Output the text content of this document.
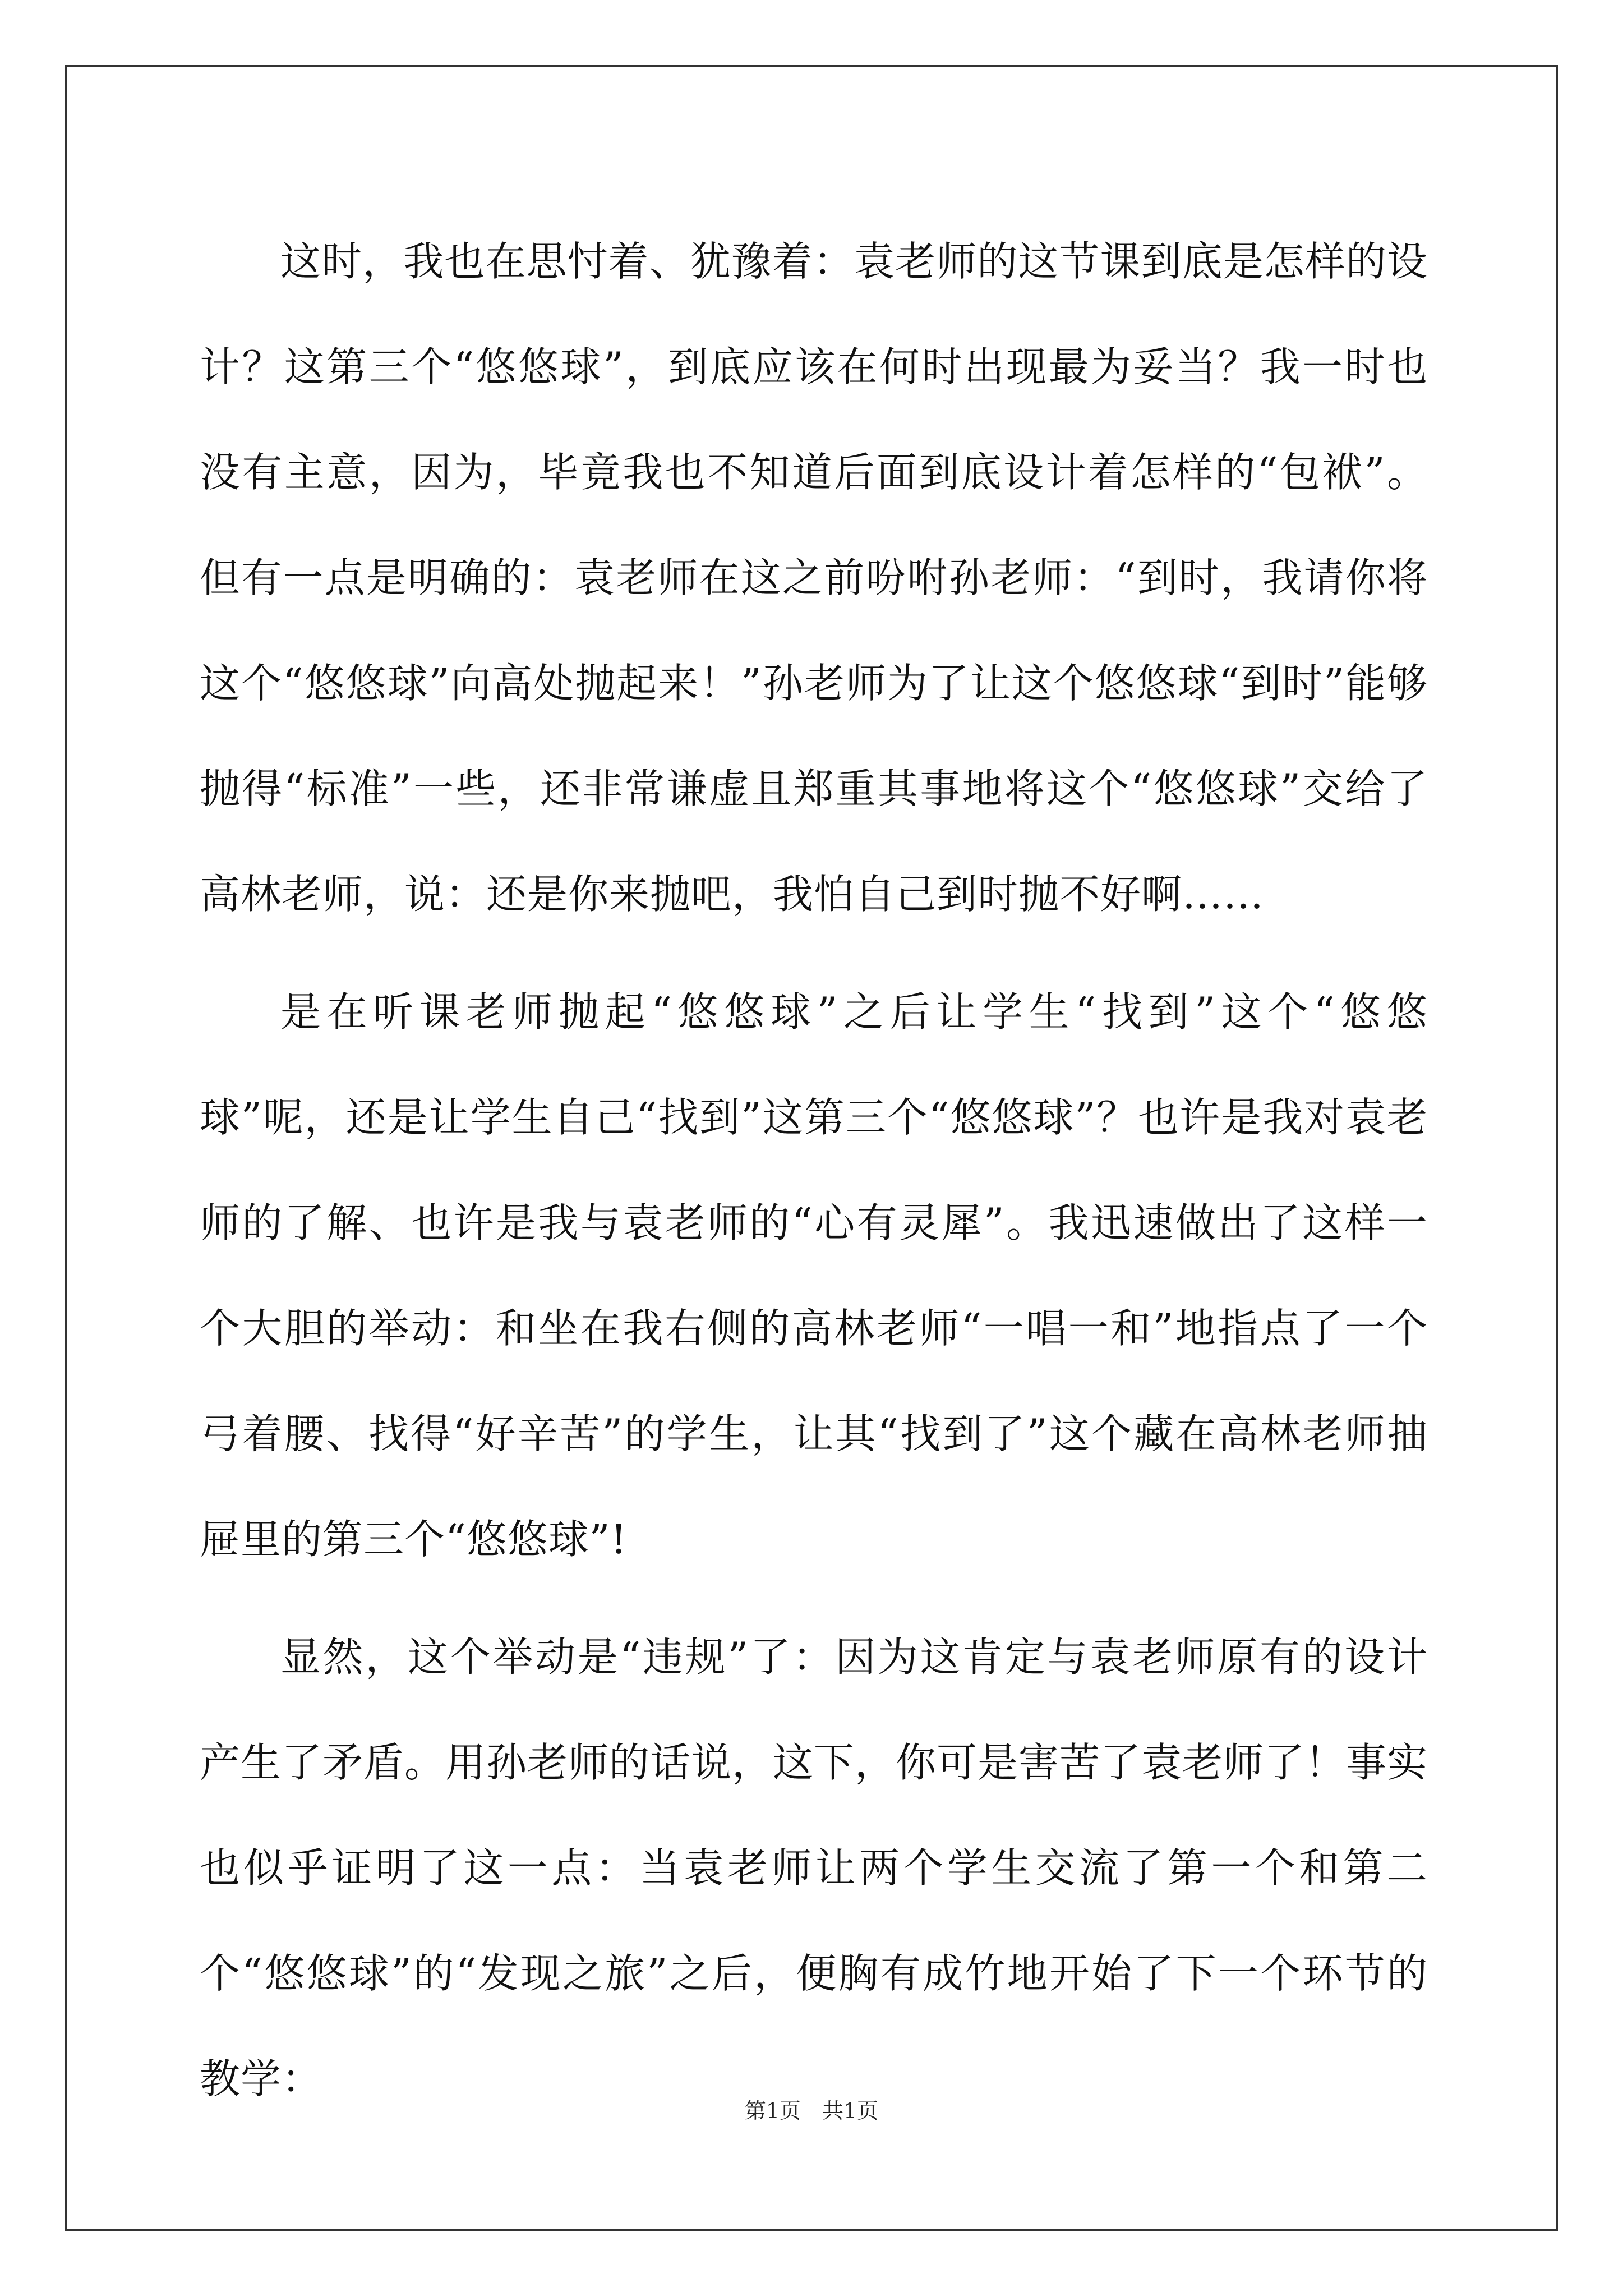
这时，我也在思忖着、犹豫着：袁老师的这节课到底是怎样的设计？这第三个“悠悠球”，到底应该在何时出现最为妥当？我一时也没有主意，因为，毕竟我也不知道后面到底设计着怎样的“包袱”。但有一点是明确的：袁老师在这之前吩咐孙老师：“到时，我请你将这个“悠悠球”向高处抛起来！”孙老师为了让这个悠悠球“到时”能够抛得“标准”一些，还非常谦虚且郑重其事地将这个“悠悠球”交给了高林老师，说：还是你来抛吧，我怕自己到时抛不好啊……

是在听课老师抛起“悠悠球”之后让学生“找到”这个“悠悠球”呢，还是让学生自己“找到”这第三个“悠悠球”？也许是我对袁老师的了解、也许是我与袁老师的“心有灵犀”。我迅速做出了这样一个大胆的举动：和坐在我右侧的高林老师“一唱一和”地指点了一个弓着腰、找得“好辛苦”的学生，让其“找到了”这个藏在高林老师抽屉里的第三个“悠悠球”!

显然，这个举动是“违规”了：因为这肯定与袁老师原有的设计产生了矛盾。用孙老师的话说，这下，你可是害苦了袁老师了！事实也似乎证明了这一点：当袁老师让两个学生交流了第一个和第二个“悠悠球”的“发现之旅”之后，便胸有成竹地开始了下一个环节的教学：

第1页　共1页
